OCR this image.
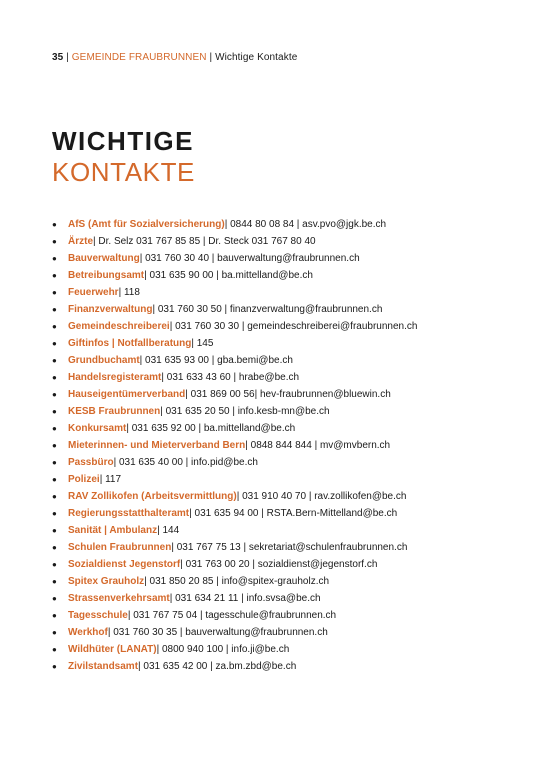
35 | GEMEINDE FRAUBRUNNEN | Wichtige Kontakte
WICHTIGE
KONTAKTE
●	AfS (Amt für Sozialversicherung) | 0844 80 08 84 | asv.pvo@jgk.be.ch
●	Ärzte | Dr. Selz 031 767 85 85 | Dr. Steck 031 767 80 40
●	Bauverwaltung | 031 760 30 40 | bauverwaltung@fraubrunnen.ch
●	Betreibungsamt | 031 635 90 00 | ba.mittelland@be.ch
●	Feuerwehr | 118
●	Finanzverwaltung | 031 760 30 50 | finanzverwaltung@fraubrunnen.ch
●	Gemeindeschreiberei | 031 760 30 30 | gemeindeschreiberei@fraubrunnen.ch
●	Giftinfos | Notfallberatung | 145
●	Grundbuchamt | 031 635 93 00 | gba.bemi@be.ch
●	Handelsregisteramt | 031 633 43 60 | hrabe@be.ch
●	Hauseigentümerverband | 031 869 00 56| hev-fraubrunnen@bluewin.ch
●	KESB Fraubrunnen | 031 635 20 50 | info.kesb-mn@be.ch
●	Konkursamt | 031 635 92 00 | ba.mittelland@be.ch
●	Mieterinnen- und Mieterverband Bern | 0848 844 844 | mv@mvbern.ch
●	Passbüro | 031 635 40 00 | info.pid@be.ch
●	Polizei | 117
●	RAV Zollikofen (Arbeitsvermittlung) | 031 910 40 70 | rav.zollikofen@be.ch
●	Regierungsstatthalteramt | 031 635 94 00 | RSTA.Bern-Mittelland@be.ch
●	Sanität | Ambulanz | 144
●	Schulen Fraubrunnen | 031 767 75 13 | sekretariat@schulenfraubrunnen.ch
●	Sozialdienst Jegenstorf | 031 763 00 20 | sozialdienst@jegenstorf.ch
●	Spitex Grauholz | 031 850 20 85 | info@spitex-grauholz.ch
●	Strassenverkehrsamt | 031 634 21 11 | info.svsa@be.ch
●	Tagesschule | 031 767 75 04 | tagesschule@fraubrunnen.ch
●	Werkhof | 031 760 30 35 | bauverwaltung@fraubrunnen.ch
●	Wildhüter (LANAT) | 0800 940 100 | info.ji@be.ch
●	Zivilstandsamt | 031 635 42 00 | za.bm.zbd@be.ch
